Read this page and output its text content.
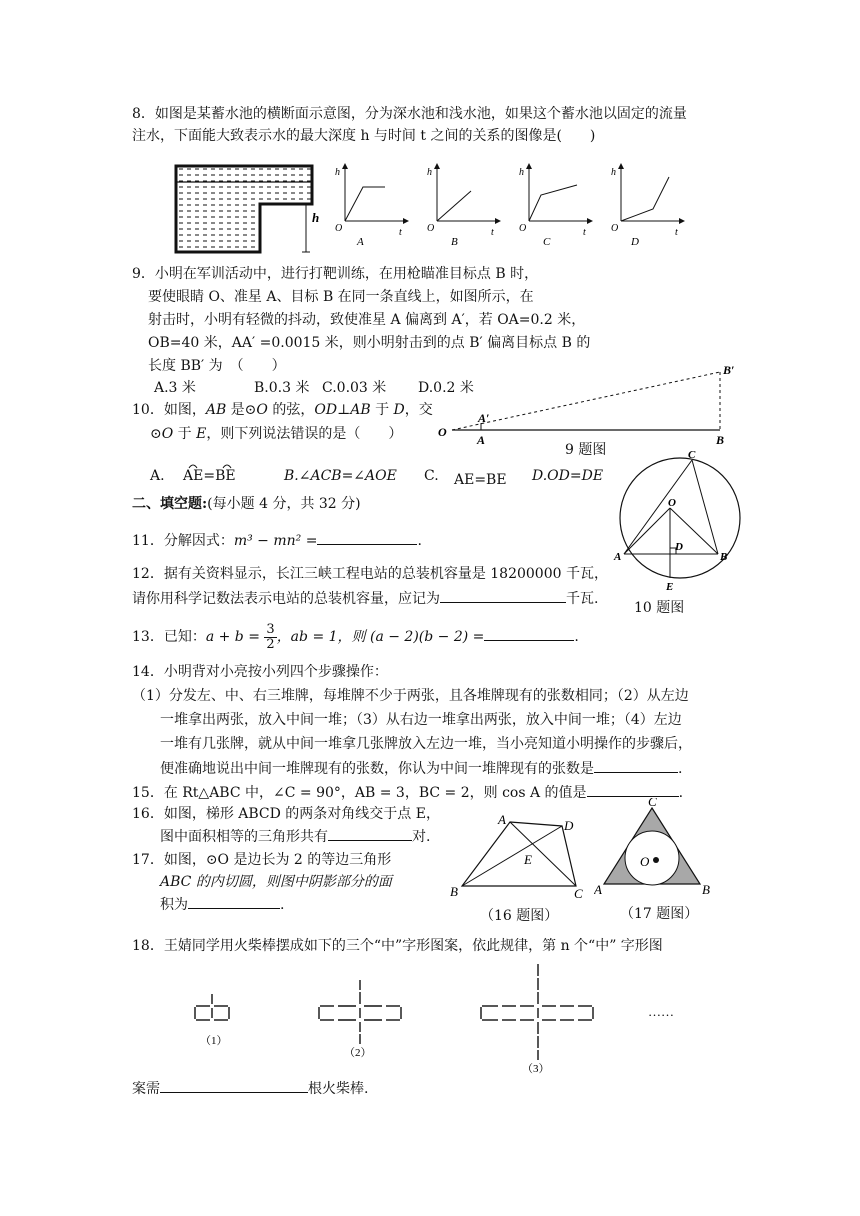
8．如图是某蓄水池的横断面示意图，分为深水池和浅水池，如果这个蓄水池以固定的流量
注水，下面能大致表示水的最大深度 h 与时间 t 之间的关系的图像是(　　)
h
h
t
O
A
h
t
O
B
h
t
O
C
h
t
O
D
9．小明在军训活动中，进行打靶训练，在用枪瞄准目标点 B 时，
要使眼睛 O、准星 A、目标 B 在同一条直线上，如图所示，在
射击时，小明有轻微的抖动，致使准星 A 偏离到 A′，若 OA=0.2 米，
OB=40 米，AA′ =0.0015 米，则小明射击到的点 B′ 偏离目标点 B 的
长度 BB′ 为　（　　）
A.3 米	B.0.3 米 C.0.03 米 D.0.2 米
O
A
A′
B
B′
9 题图
10．如图，AB 是⊙O 的弦，OD⊥AB 于 D，交
⊙O 于 E，则下列说法错误的是（　　）
A. AE=BE	B.∠ACB=∠AOE C. AE=BE D.OD=DE
A	B
C
O
D
E
10 题图
二、填空题:(每小题 4 分，共 32 分)
11．分解因式：m³ − mn² =	.
12．据有关资料显示，长江三峡工程电站的总装机容量是 18200000 千瓦，
请你用科学记数法表示电站的总装机容量，应记为	千瓦.
13．已知：$a + b = \frac{3}{2}$ ，ab = 1，则 (a − 2)(b − 2) =	.
14．小明背对小亮按小列四个步骤操作：
（1）分发左、中、右三堆牌，每堆牌不少于两张，且各堆牌现有的张数相同；（2）从左边
一堆拿出两张，放入中间一堆；（3）从右边一堆拿出两张，放入中间一堆；（4）左边
一堆有几张牌，就从中间一堆拿几张牌放入左边一堆，当小亮知道小明操作的步骤后，
便准确地说出中间一堆牌现有的张数，你认为中间一堆牌现有的张数是	.
15．在 Rt△ABC 中，∠C = 90°，AB = 3，BC = 2，则 cos A 的值是	.
16．如图，梯形 ABCD 的两条对角线交于点 E，
图中面积相等的三角形共有	对.
17．如图，⊙O 是边长为 2 的等边三角形
ABC 的内切圆，则图中阴影部分的面
积为	.
A	D
B	C
E
（16 题图）
C
A	B
O
（17 题图）
18．王婧同学用火柴棒摆成如下的三个“中”字形图案，依此规律，第 n 个“中” 字形图
（1）
（2）
（3）
……
案需	根火柴棒.
